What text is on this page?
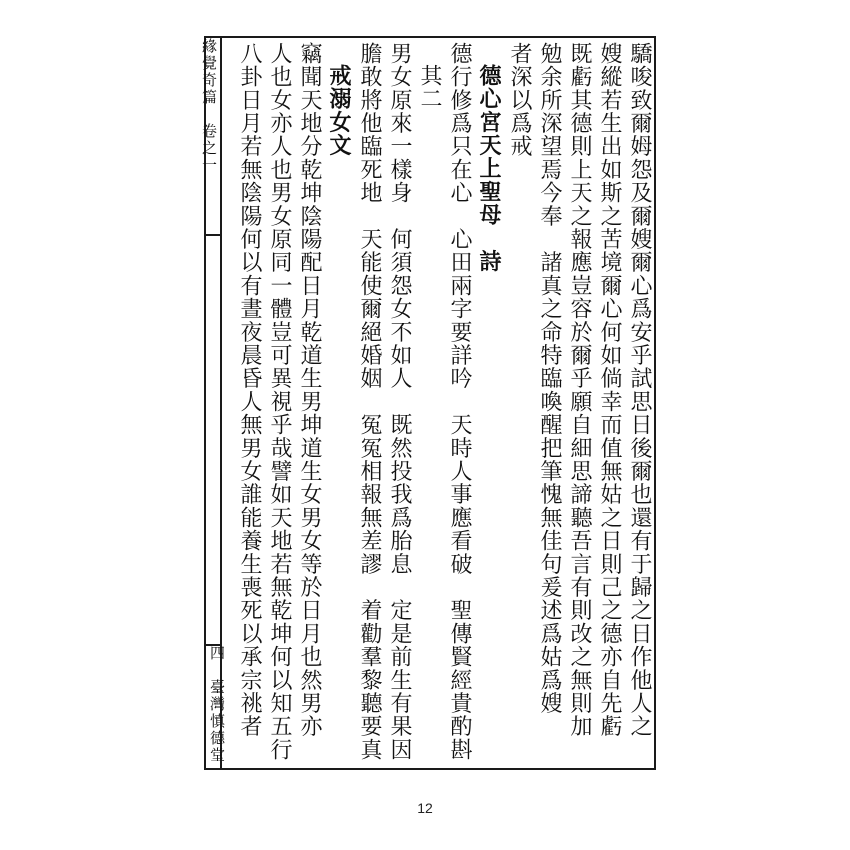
緣覺奇篇　卷之一
四　臺灣慎德堂	驕唆致爾姆怨及爾嫂爾心爲安乎試思日後爾也還有于歸之日作他人之
嫂縱若生出如斯之苦境爾心何如倘幸而值無姑之日則己之德亦自先虧
既虧其德則上天之報應豈容於爾乎願自細思諦聽吾言有則改之無則加
勉余所深望焉今奉　諸真之命特臨喚醒把筆愧無佳句爰述爲姑爲嫂
者深以爲戒
德心宮天上聖母　詩
德行修爲只在心　心田兩字要詳吟　天時人事應看破　聖傳賢經貴酌斟
其二
男女原來一樣身　何須怨女不如人　既然投我爲胎息　定是前生有果因
膽敢將他臨死地　天能使爾絕婚姻　冤冤相報無差謬　着勸羣黎聽要真
戒溺女文
竊聞天地分乾坤陰陽配日月乾道生男坤道生女男女等於日月也然男亦
人也女亦人也男女原同一體豈可異視乎哉譬如天地若無乾坤何以知五行
八卦日月若無陰陽何以有晝夜晨昏人無男女誰能養生喪死以承宗祧者
12
